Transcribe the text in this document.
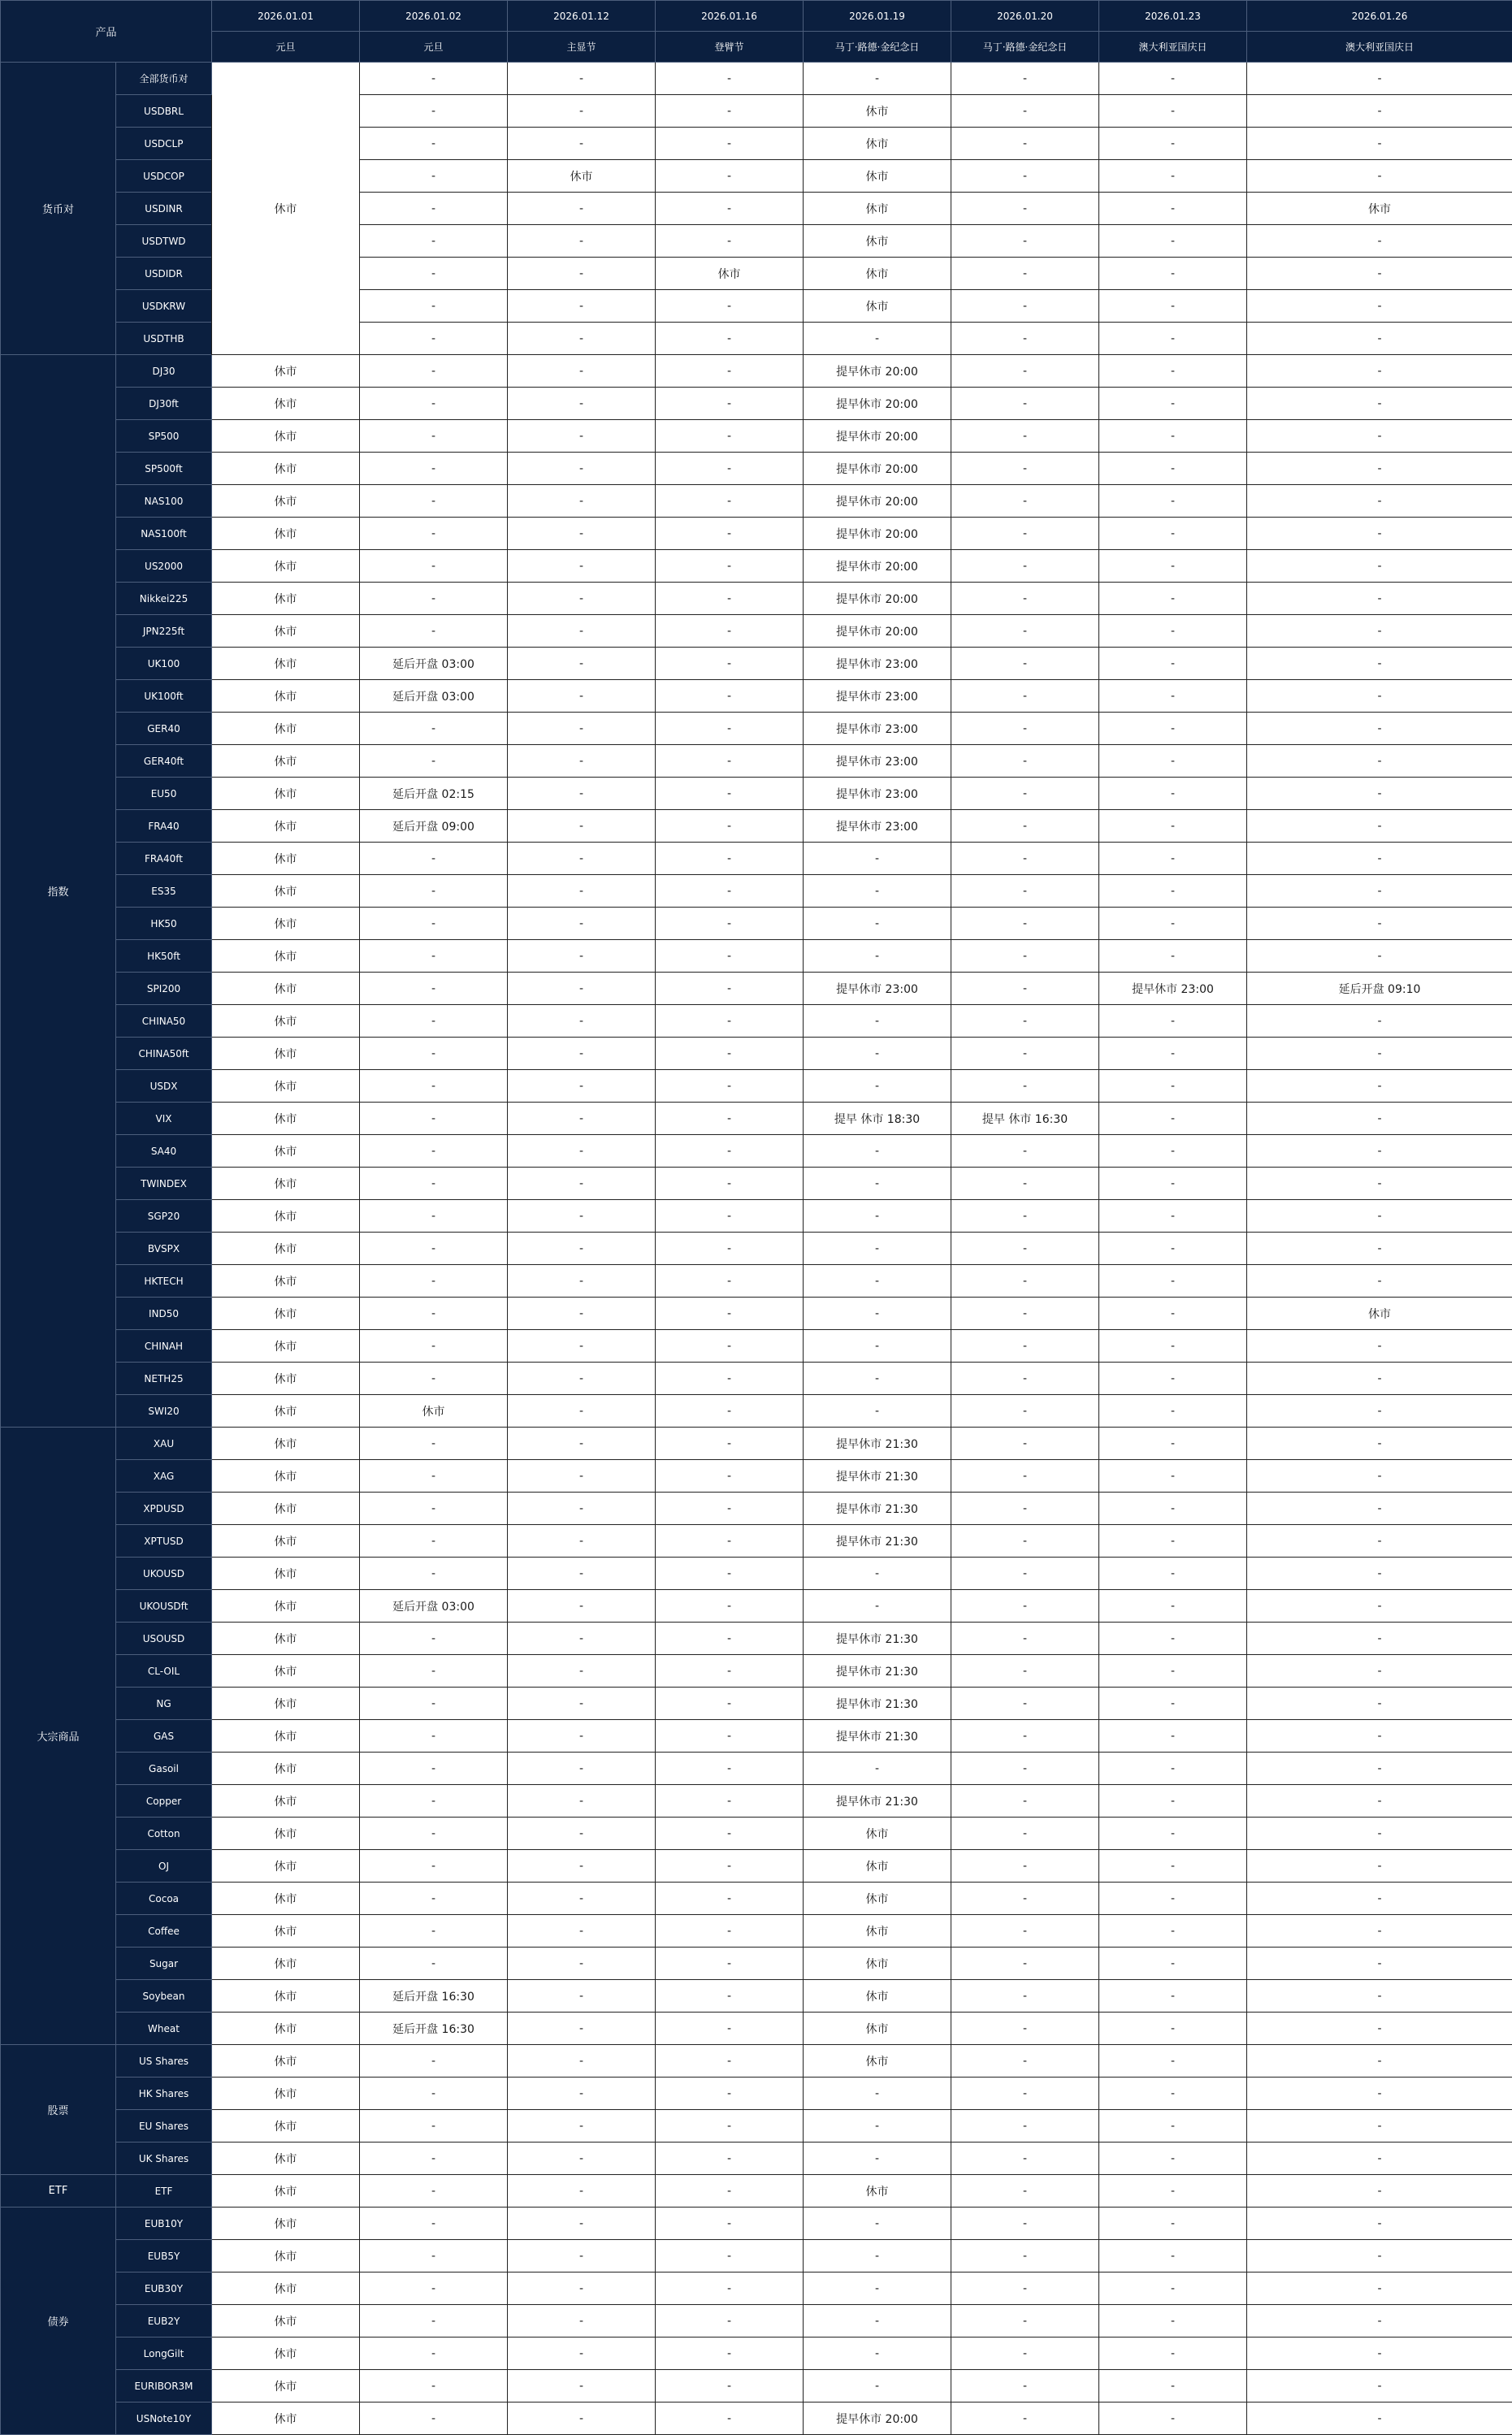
产品		2026.01.01	2026.01.02	2026.01.12	2026.01.16	2026.01.19	2026.01.20	2026.01.23	2026.01.26
		元旦	元旦	主显节	登臂节	马丁·路德·金纪念日	马丁·路德·金纪念日	澳大利亚国庆日	澳大利亚国庆日
货币对	全部货币对	休市	-	-	-	-	-	-	-
	USDBRL		-	-	-	休市	-	-	-
	USDCLP		-	-	-	休市	-	-	-
	USDCOP		-	休市	-	休市	-	-	-
	USDINR		-	-	-	休市	-	-	休市
	USDTWD		-	-	-	休市	-	-	-
	USDIDR		-	-	休市	休市	-	-	-
	USDKRW		-	-	-	休市	-	-	-
	USDTHB		-	-	-	-	-	-	-
指数	DJ30	休市	-	-	-	提早休市 20:00	-	-	-
	DJ30ft	休市	-	-	-	提早休市 20:00	-	-	-
	SP500	休市	-	-	-	提早休市 20:00	-	-	-
	SP500ft	休市	-	-	-	提早休市 20:00	-	-	-
	NAS100	休市	-	-	-	提早休市 20:00	-	-	-
	NAS100ft	休市	-	-	-	提早休市 20:00	-	-	-
	US2000	休市	-	-	-	提早休市 20:00	-	-	-
	Nikkei225	休市	-	-	-	提早休市 20:00	-	-	-
	JPN225ft	休市	-	-	-	提早休市 20:00	-	-	-
	UK100	休市	延后开盘 03:00	-	-	提早休市 23:00	-	-	-
	UK100ft	休市	延后开盘 03:00	-	-	提早休市 23:00	-	-	-
	GER40	休市	-	-	-	提早休市 23:00	-	-	-
	GER40ft	休市	-	-	-	提早休市 23:00	-	-	-
	EU50	休市	延后开盘 02:15	-	-	提早休市 23:00	-	-	-
	FRA40	休市	延后开盘 09:00	-	-	提早休市 23:00	-	-	-
	FRA40ft	休市	-	-	-	-	-	-	-
	ES35	休市	-	-	-	-	-	-	-
	HK50	休市	-	-	-	-	-	-	-
	HK50ft	休市	-	-	-	-	-	-	-
	SPI200	休市	-	-	-	提早休市 23:00	-	提早休市 23:00	延后开盘 09:10
	CHINA50	休市	-	-	-	-	-	-	-
	CHINA50ft	休市	-	-	-	-	-	-	-
	USDX	休市	-	-	-	-	-	-	-
	VIX	休市	-	-	-	提早 休市 18:30	提早 休市 16:30	-	-
	SA40	休市	-	-	-	-	-	-	-
	TWINDEX	休市	-	-	-	-	-	-	-
	SGP20	休市	-	-	-	-	-	-	-
	BVSPX	休市	-	-	-	-	-	-	-
	HKTECH	休市	-	-	-	-	-	-	-
	IND50	休市	-	-	-	-	-	-	休市
	CHINAH	休市	-	-	-	-	-	-	-
	NETH25	休市	-	-	-	-	-	-	-
	SWI20	休市	休市	-	-	-	-	-	-
大宗商品	XAU	休市	-	-	-	提早休市 21:30	-	-	-
	XAG	休市	-	-	-	提早休市 21:30	-	-	-
	XPDUSD	休市	-	-	-	提早休市 21:30	-	-	-
	XPTUSD	休市	-	-	-	提早休市 21:30	-	-	-
	UKOUSD	休市	-	-	-	-	-	-	-
	UKOUSDft	休市	延后开盘 03:00	-	-	-	-	-	-
	USOUSD	休市	-	-	-	提早休市 21:30	-	-	-
	CL-OIL	休市	-	-	-	提早休市 21:30	-	-	-
	NG	休市	-	-	-	提早休市 21:30	-	-	-
	GAS	休市	-	-	-	提早休市 21:30	-	-	-
	Gasoil	休市	-	-	-	-	-	-	-
	Copper	休市	-	-	-	提早休市 21:30	-	-	-
	Cotton	休市	-	-	-	休市	-	-	-
	OJ	休市	-	-	-	休市	-	-	-
	Cocoa	休市	-	-	-	休市	-	-	-
	Coffee	休市	-	-	-	休市	-	-	-
	Sugar	休市	-	-	-	休市	-	-	-
	Soybean	休市	延后开盘 16:30	-	-	休市	-	-	-
	Wheat	休市	延后开盘 16:30	-	-	休市	-	-	-
股票	US Shares	休市	-	-	-	休市	-	-	-
	HK Shares	休市	-	-	-	-	-	-	-
	EU Shares	休市	-	-	-	-	-	-	-
	UK Shares	休市	-	-	-	-	-	-	-
ETF	ETF	休市	-	-	-	休市	-	-	-
债券	EUB10Y	休市	-	-	-	-	-	-	-
	EUB5Y	休市	-	-	-	-	-	-	-
	EUB30Y	休市	-	-	-	-	-	-	-
	EUB2Y	休市	-	-	-	-	-	-	-
	LongGilt	休市	-	-	-	-	-	-	-
	EURIBOR3M	休市	-	-	-	-	-	-	-
	USNote10Y	休市	-	-	-	提早休市 20:00	-	-	-
